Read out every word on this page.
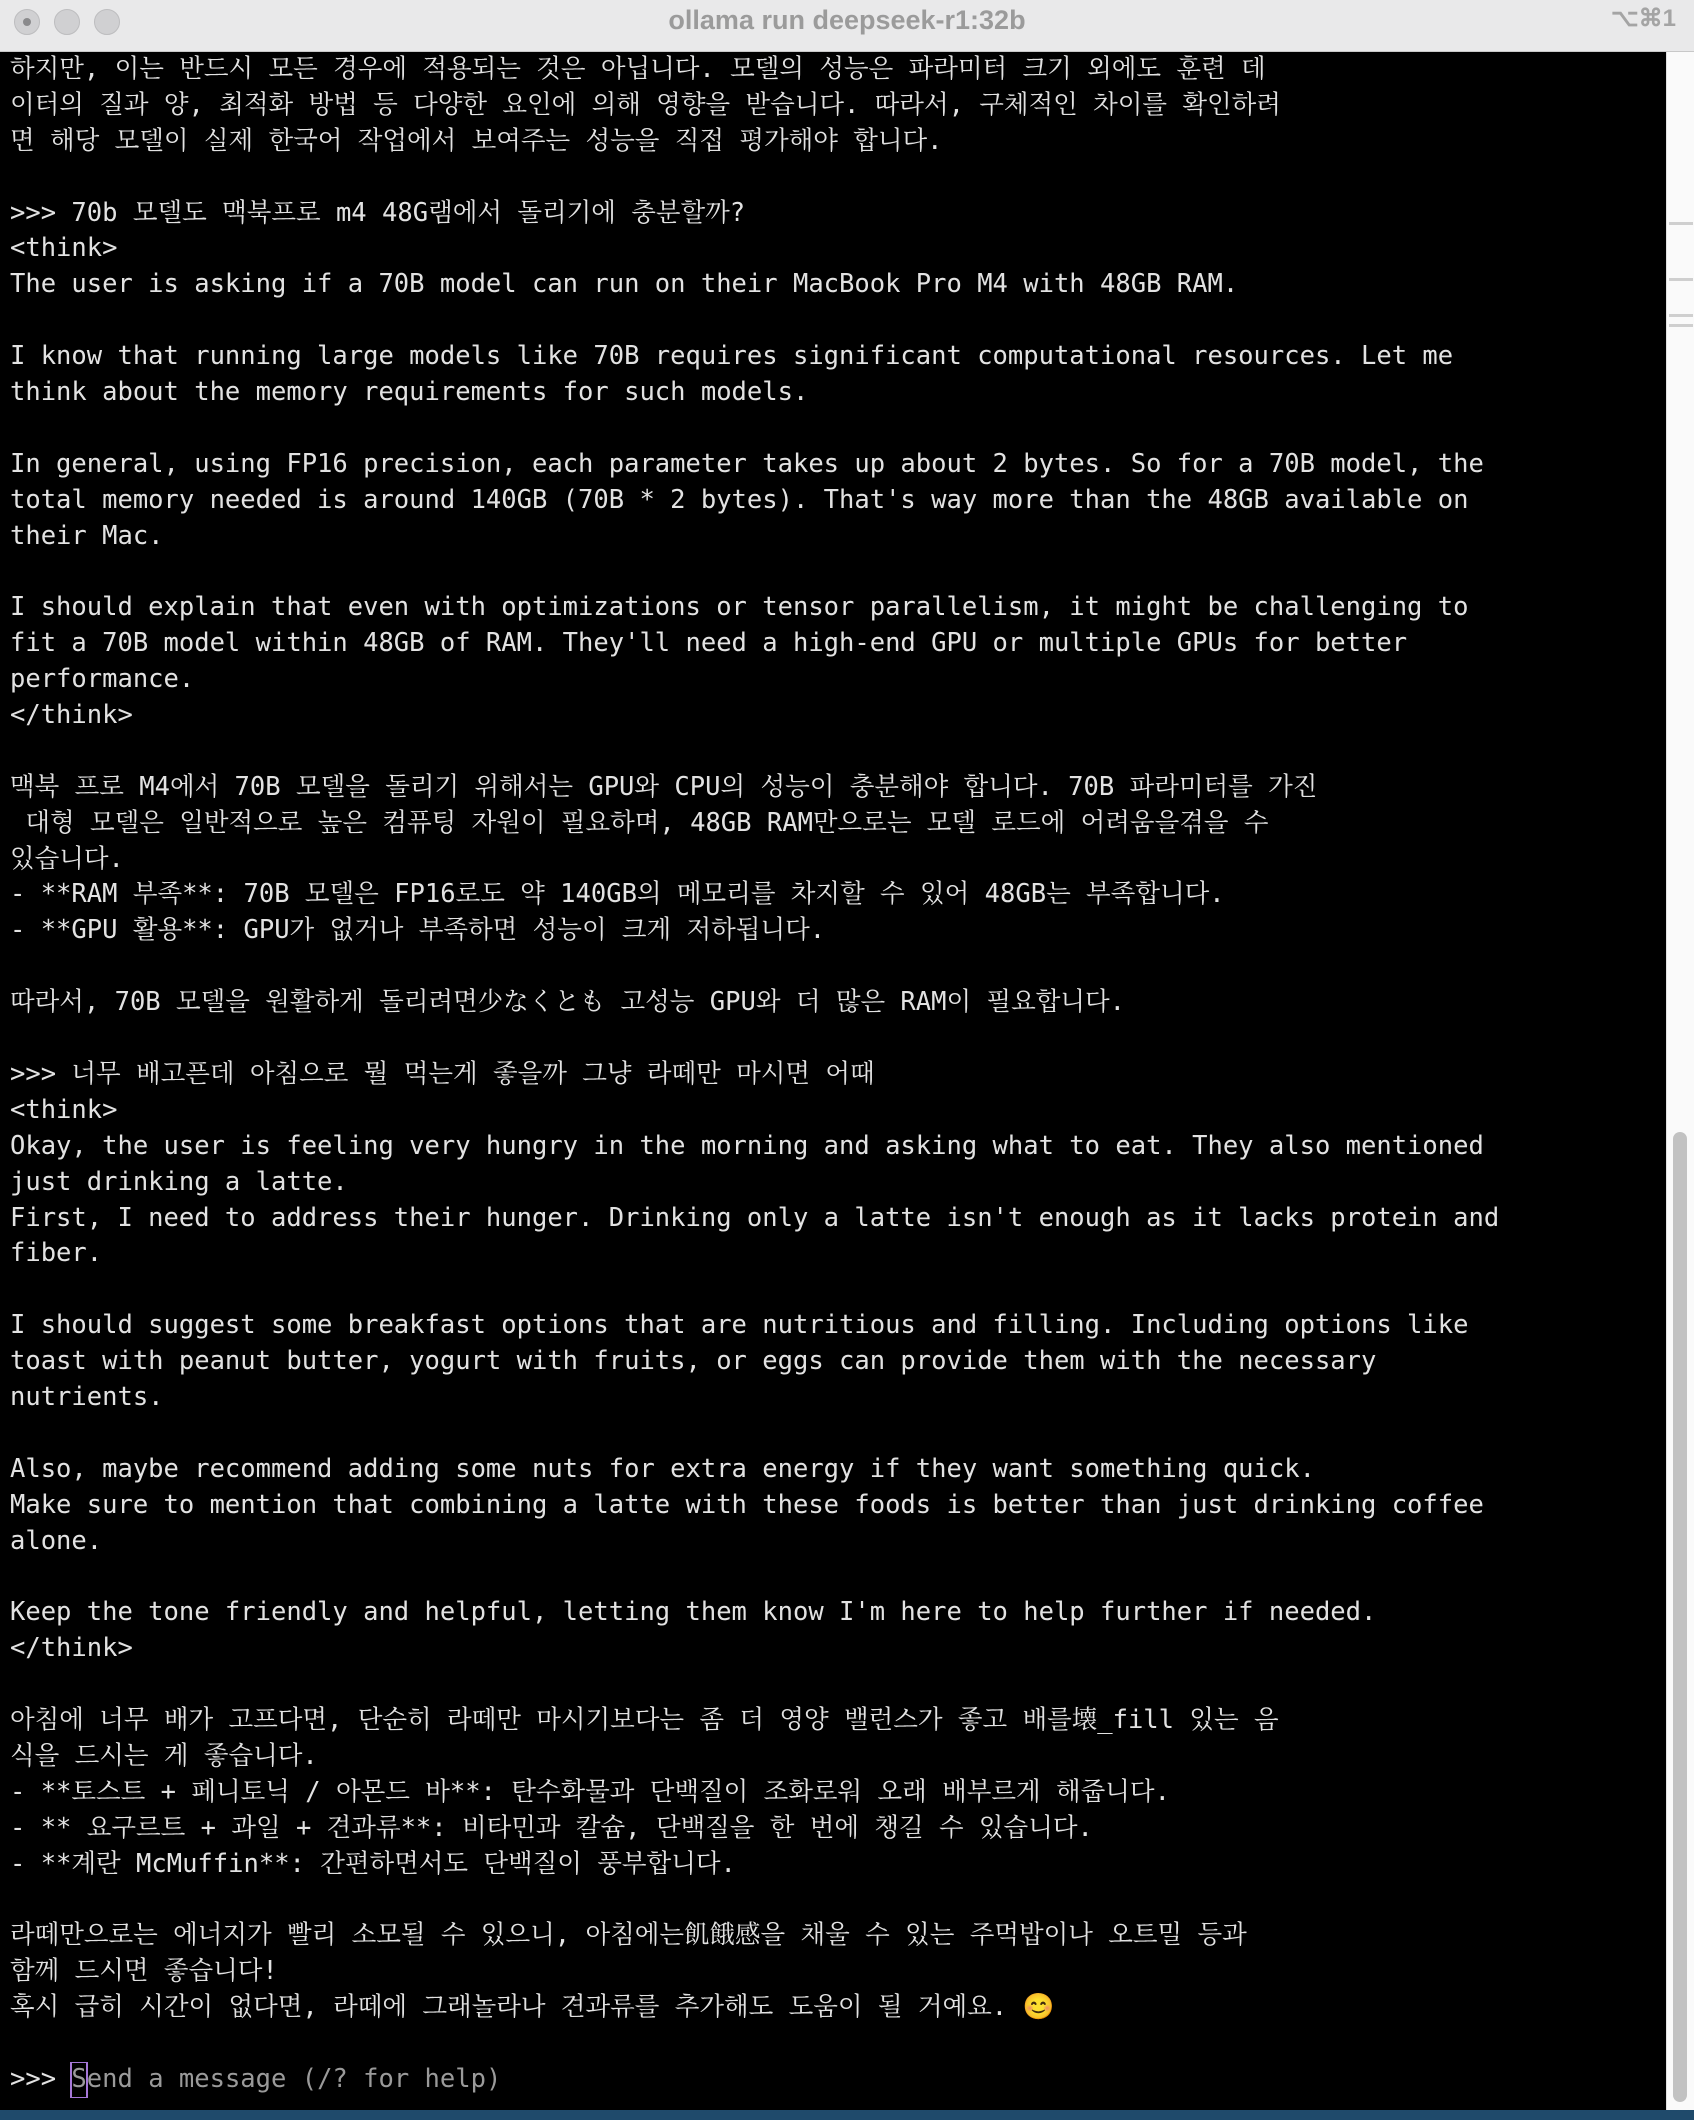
ollama run deepseek-r1:32b	⌥⌘1
하지만, 이는 반드시 모든 경우에 적용되는 것은 아닙니다. 모델의 성능은 파라미터 크기 외에도 훈련 데
이터의 질과 양, 최적화 방법 등 다양한 요인에 의해 영향을 받습니다. 따라서, 구체적인 차이를 확인하려
면 해당 모델이 실제 한국어 작업에서 보여주는 성능을 직접 평가해야 합니다.
>>> 70b 모델도 맥북프로 m4 48G램에서 돌리기에 충분할까?
<think>
The user is asking if a 70B model can run on their MacBook Pro M4 with 48GB RAM.
I know that running large models like 70B requires significant computational resources. Let me
think about the memory requirements for such models.
In general, using FP16 precision, each parameter takes up about 2 bytes. So for a 70B model, the
total memory needed is around 140GB (70B * 2 bytes). That's way more than the 48GB available on
their Mac.
I should explain that even with optimizations or tensor parallelism, it might be challenging to
fit a 70B model within 48GB of RAM. They'll need a high-end GPU or multiple GPUs for better
performance.
</think>
맥북 프로 M4에서 70B 모델을 돌리기 위해서는 GPU와 CPU의 성능이 충분해야 합니다. 70B 파라미터를 가진
대형 모델은 일반적으로 높은 컴퓨팅 자원이 필요하며, 48GB RAM만으로는 모델 로드에 어려움을겪을 수
있습니다.
- **RAM 부족**: 70B 모델은 FP16로도 약 140GB의 메모리를 차지할 수 있어 48GB는 부족합니다.
- **GPU 활용**: GPU가 없거나 부족하면 성능이 크게 저하됩니다.
따라서, 70B 모델을 원활하게 돌리려면少なくとも 고성능 GPU와 더 많은 RAM이 필요합니다.
>>> 너무 배고픈데 아침으로 뭘 먹는게 좋을까 그냥 라떼만 마시면 어때
<think>
Okay, the user is feeling very hungry in the morning and asking what to eat. They also mentioned
just drinking a latte.
First, I need to address their hunger. Drinking only a latte isn't enough as it lacks protein and
fiber.
I should suggest some breakfast options that are nutritious and filling. Including options like
toast with peanut butter, yogurt with fruits, or eggs can provide them with the necessary
nutrients.
Also, maybe recommend adding some nuts for extra energy if they want something quick.
Make sure to mention that combining a latte with these foods is better than just drinking coffee
alone.
Keep the tone friendly and helpful, letting them know I'm here to help further if needed.
</think>
아침에 너무 배가 고프다면, 단순히 라떼만 마시기보다는 좀 더 영양 밸런스가 좋고 배를壊_fill 있는 음
식을 드시는 게 좋습니다.
- **토스트 + 페니토닉 / 아몬드 바**: 탄수화물과 단백질이 조화로워 오래 배부르게 해줍니다.
- ** 요구르트 + 과일 + 견과류**: 비타민과 칼슘, 단백질을 한 번에 챙길 수 있습니다.
- **계란 McMuffin**: 간편하면서도 단백질이 풍부합니다.
라떼만으로는 에너지가 빨리 소모될 수 있으니, 아침에는飢餓感을 채울 수 있는 주먹밥이나 오트밀 등과
함께 드시면 좋습니다!
혹시 급히 시간이 없다면, 라떼에 그래놀라나 견과류를 추가해도 도움이 될 거예요. 😊
>>> Send a message (/? for help)
